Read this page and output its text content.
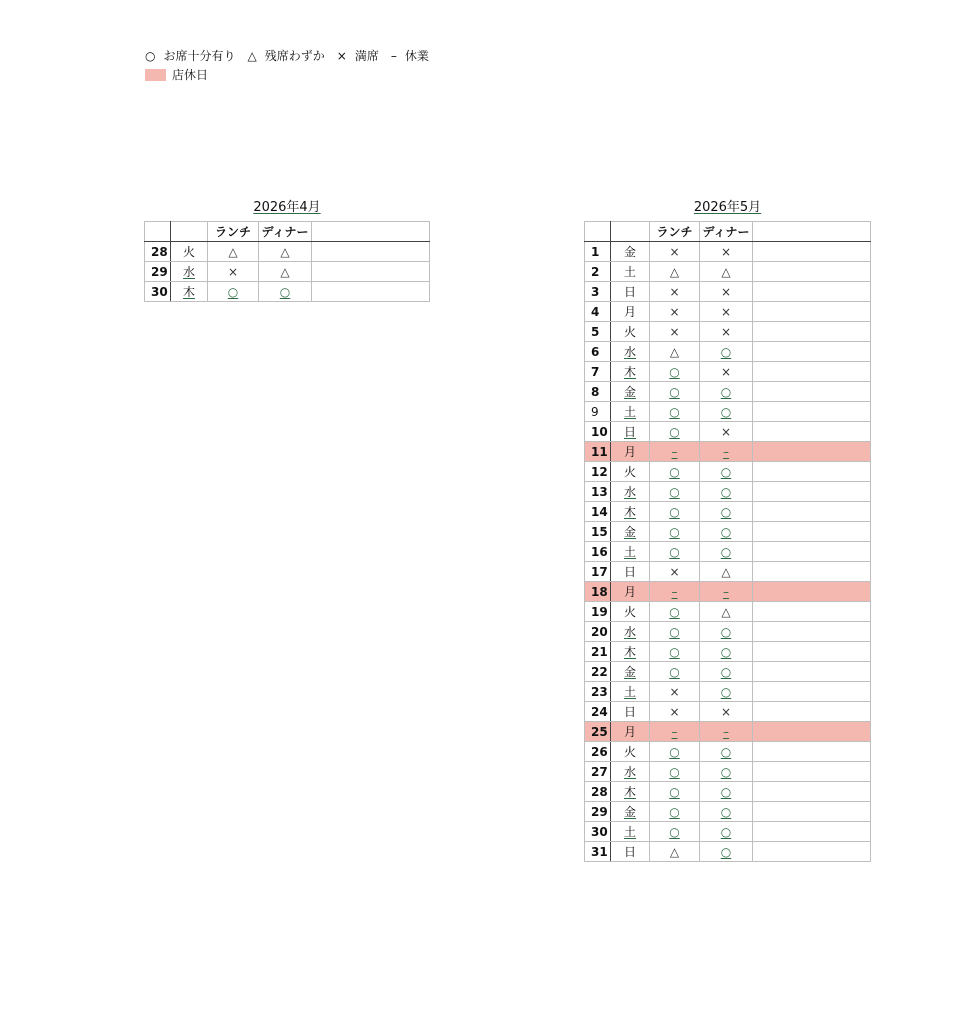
○ お席十分有り △ 残席わずか × 満席 – 休業
店休日
2026年4月
		ランチ	ディナー	
28	火	△	△	
29	水	×	△	
30	木	○	○	
2026年5月
		ランチ	ディナー	
1	金	×	×	
2	土	△	△	
3	日	×	×	
4	月	×	×	
5	火	×	×	
6	水	△	○	
7	木	○	×	
8	金	○	○	
9	土	○	○	
10	日	○	×	
11	月	–	–	
12	火	○	○	
13	水	○	○	
14	木	○	○	
15	金	○	○	
16	土	○	○	
17	日	×	△	
18	月	–	–	
19	火	○	△	
20	水	○	○	
21	木	○	○	
22	金	○	○	
23	土	×	○	
24	日	×	×	
25	月	–	–	
26	火	○	○	
27	水	○	○	
28	木	○	○	
29	金	○	○	
30	土	○	○	
31	日	△	○	
